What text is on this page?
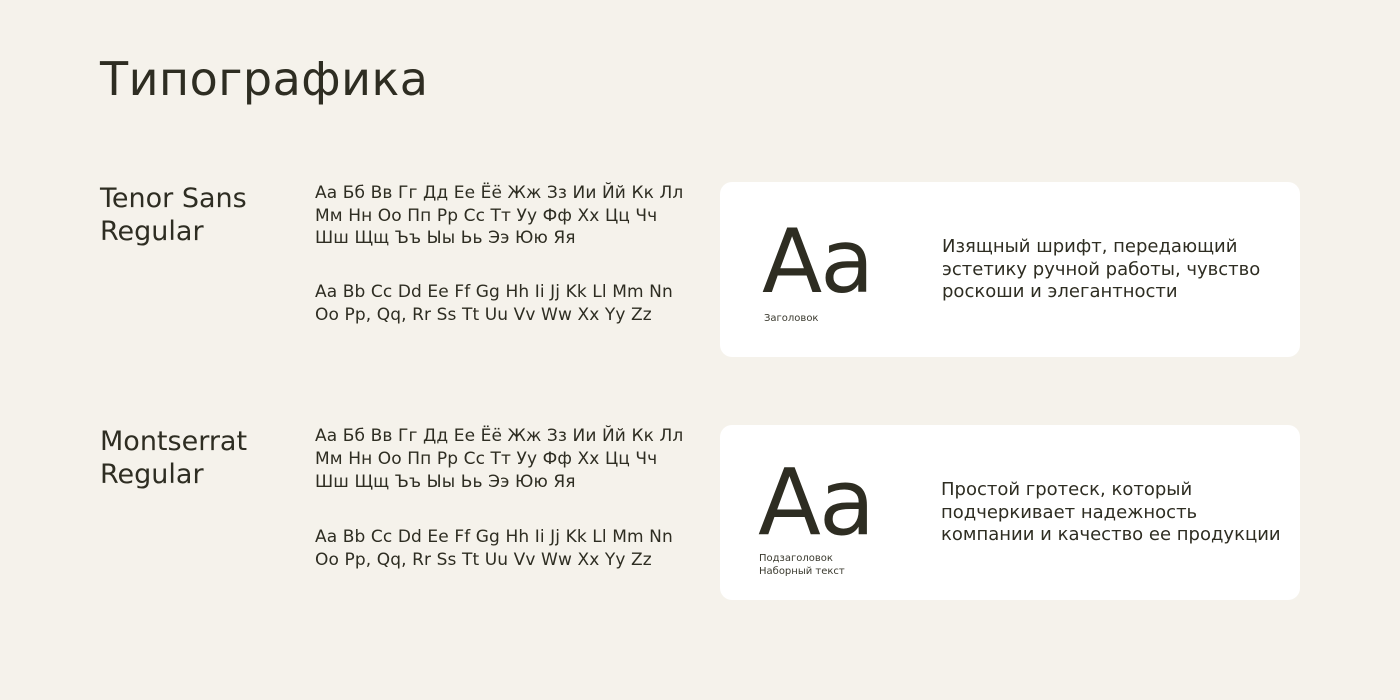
Типографика
Tenor Sans
Regular

Аа Бб Вв Гг Дд Ее Ёё Жж Зз Ии Йй Кк Лл Мм Нн Оо Пп Рр Сс Тт Уу Фф Хх Цц Чч Шш Щщ Ъъ Ыы Ьь Ээ Юю Яя

Aa Bb Cc Dd Ee Ff Gg Hh Ii Jj Kk Ll Mm Nn Oo Pp, Qq, Rr Ss Tt Uu Vv Ww Xx Yy Zz

Aa
Заголовок

Изящный шрифт, передающий эстетику ручной работы, чувство роскоши и элегантности

Montserrat
Regular

Аа Бб Вв Гг Дд Ее Ёё Жж Зз Ии Йй Кк Лл Мм Нн Оо Пп Рр Сс Тт Уу Фф Хх Цц Чч Шш Щщ Ъъ Ыы Ьь Ээ Юю Яя

Aa Bb Cc Dd Ee Ff Gg Hh Ii Jj Kk Ll Mm Nn Oo Pp, Qq, Rr Ss Tt Uu Vv Ww Xx Yy Zz

Aa
Подзаголовок
Наборный текст

Простой гротеск, который подчеркивает надежность компании и качество ее продукции
